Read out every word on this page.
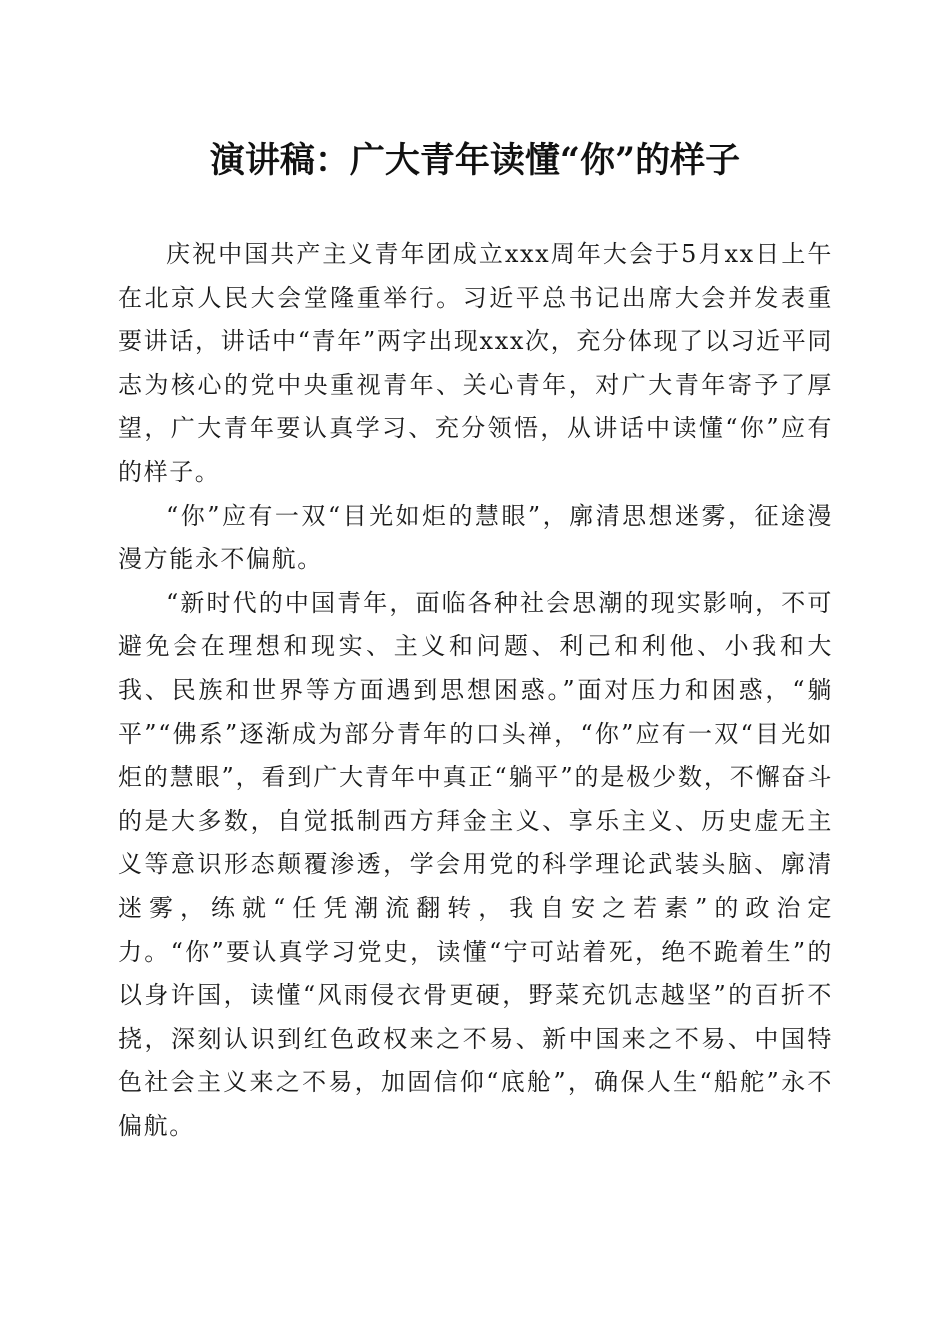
演讲稿：广大青年读懂“你”的样子

庆祝中国共产主义青年团成立xxx周年大会于5月xx日上午在北京人民大会堂隆重举行。习近平总书记出席大会并发表重要讲话，讲话中“青年”两字出现xxx次，充分体现了以习近平同志为核心的党中央重视青年、关心青年，对广大青年寄予了厚望，广大青年要认真学习、充分领悟，从讲话中读懂“你”应有的样子。

“你”应有一双“目光如炬的慧眼”，廓清思想迷雾，征途漫漫方能永不偏航。

“新时代的中国青年，面临各种社会思潮的现实影响，不可避免会在理想和现实、主义和问题、利己和利他、小我和大我、民族和世界等方面遇到思想困惑。”面对压力和困惑，“躺平”“佛系”逐渐成为部分青年的口头禅，“你”应有一双“目光如炬的慧眼”，看到广大青年中真正“躺平”的是极少数，不懈奋斗的是大多数，自觉抵制西方拜金主义、享乐主义、历史虚无主义等意识形态颠覆渗透，学会用党的科学理论武装头脑、廓清迷雾，练就“任凭潮流翻转，我自安之若素”的政治定力。“你”要认真学习党史，读懂“宁可站着死，绝不跪着生”的以身许国，读懂“风雨侵衣骨更硬，野菜充饥志越坚”的百折不挠，深刻认识到红色政权来之不易、新中国来之不易、中国特色社会主义来之不易，加固信仰“底舱”，确保人生“船舵”永不偏航。
